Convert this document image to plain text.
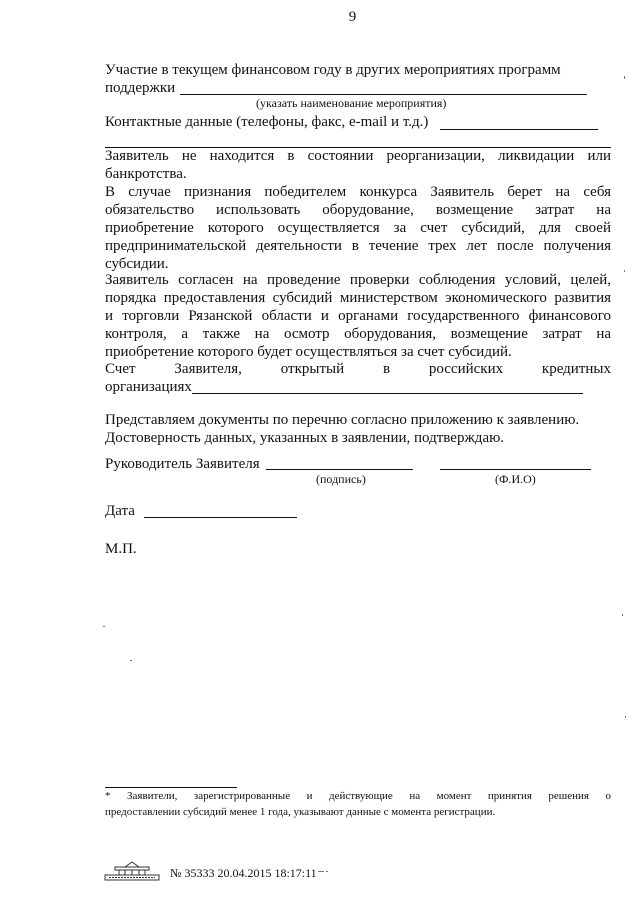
9
Участие в текущем финансовом году в других мероприятиях программ
поддержки
(указать наименование мероприятия)
Контактные данные (телефоны, факс, e-mail и т.д.)
Заявитель не находится в состоянии реорганизации, ликвидации или
банкротства.
В случае признания победителем конкурса Заявитель берет на себя
обязательство использовать оборудование, возмещение затрат на
приобретение которого осуществляется за счет субсидий, для своей
предпринимательской деятельности в течение трех лет после получения
субсидии.
Заявитель согласен на проведение проверки соблюдения условий, целей,
порядка предоставления субсидий министерством экономического развития
и торговли Рязанской области и органами государственного финансового
контроля, а также на осмотр оборудования, возмещение затрат на
приобретение которого будет осуществляться за счет субсидий.
Счет Заявителя, открытый в российских кредитных
организациях
Представляем документы по перечню согласно приложению к заявлению.
Достоверность данных, указанных в заявлении, подтверждаю.
Руководитель Заявителя
(подпись)	(Ф.И.О)
Дата
М.П.
* Заявители, зарегистрированные и действующие на момент принятия решения о
предоставлении субсидий менее 1 года, указывают данные с момента регистрации.
№ 35333 20.04.2015 18:17:11
